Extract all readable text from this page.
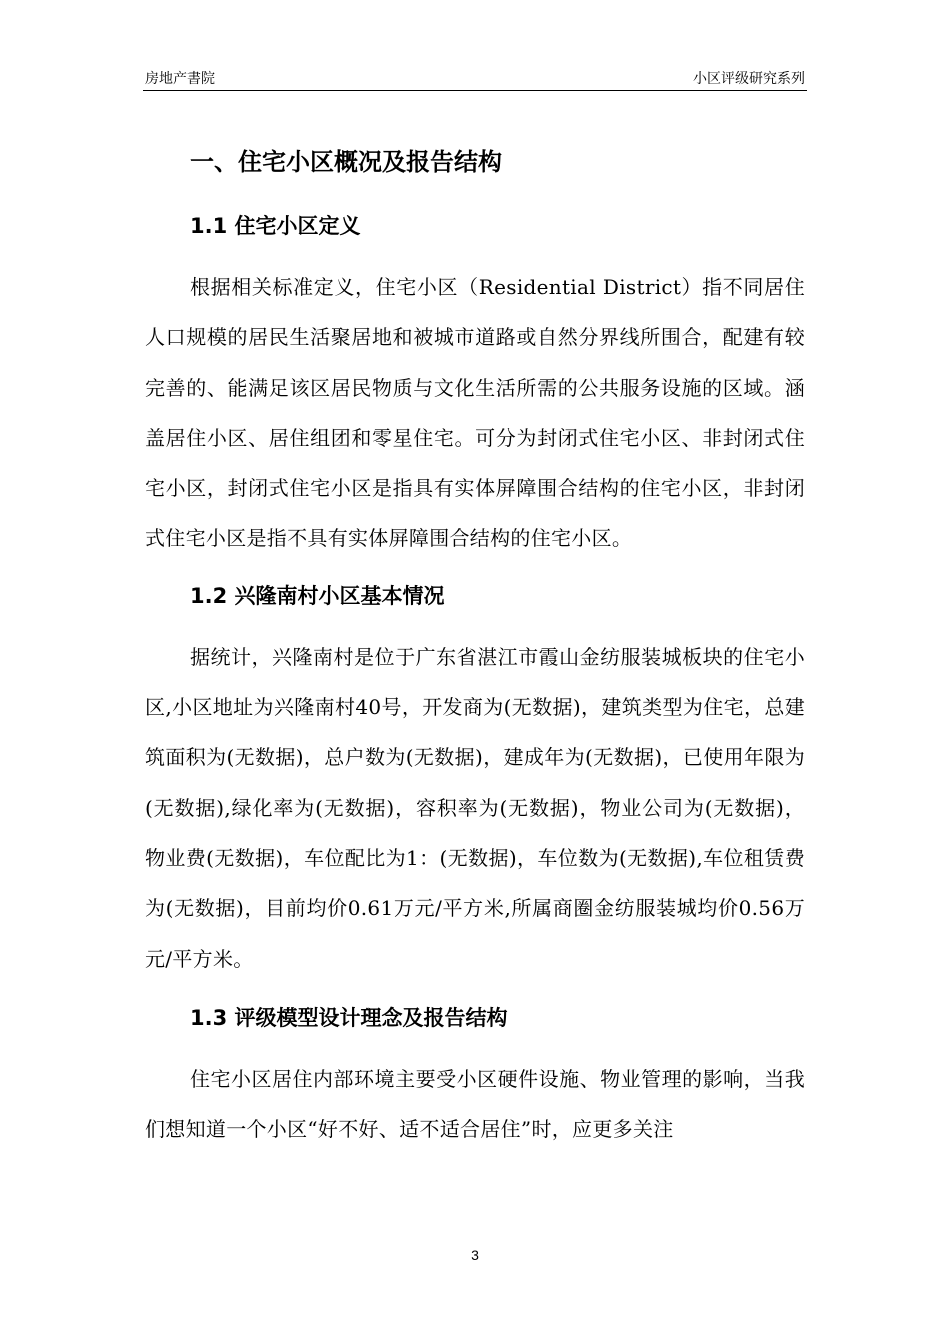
房地产書院	小区评级研究系列
一、住宅小区概况及报告结构
1.1 住宅小区定义

根据相关标准定义，住宅小区（Residential District）指不同居住人口规模的居民生活聚居地和被城市道路或自然分界线所围合，配建有较完善的、能满足该区居民物质与文化生活所需的公共服务设施的区域。涵盖居住小区、居住组团和零星住宅。可分为封闭式住宅小区、非封闭式住宅小区，封闭式住宅小区是指具有实体屏障围合结构的住宅小区，非封闭式住宅小区是指不具有实体屏障围合结构的住宅小区。

1.2 兴隆南村小区基本情况

据统计，兴隆南村是位于广东省湛江市霞山金纺服装城板块的住宅小区,小区地址为兴隆南村40号，开发商为(无数据)，建筑类型为住宅，总建筑面积为(无数据)，总户数为(无数据)，建成年为(无数据)，已使用年限为(无数据),绿化率为(无数据)，容积率为(无数据)，物业公司为(无数据)，物业费(无数据)，车位配比为1：(无数据)，车位数为(无数据),车位租赁费为(无数据)，目前均价0.61万元/平方米,所属商圈金纺服装城均价0.56万元/平方米。

1.3 评级模型设计理念及报告结构

住宅小区居住内部环境主要受小区硬件设施、物业管理的影响，当我们想知道一个小区“好不好、适不适合居住”时，应更多关注

3
